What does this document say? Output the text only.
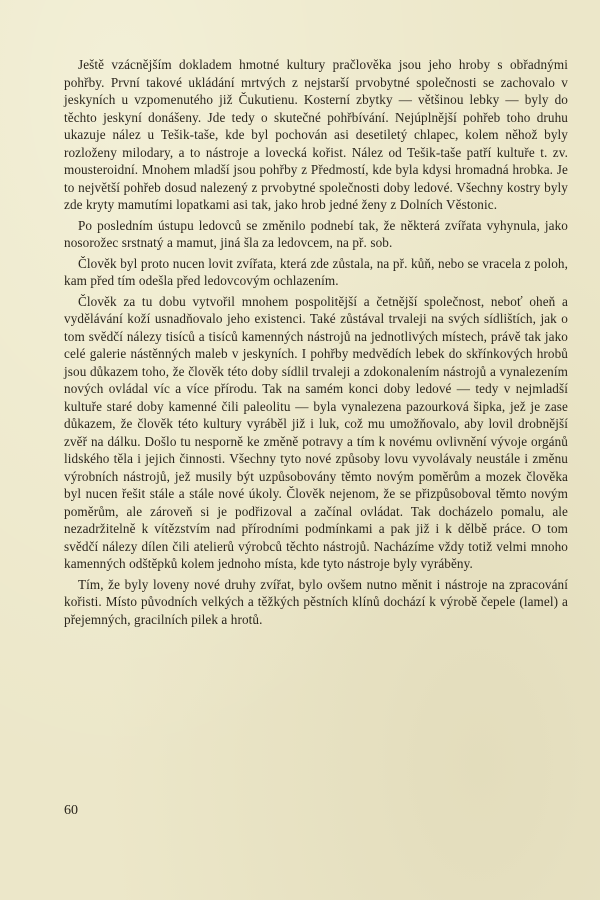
Ještě vzácnějším dokladem hmotné kultury pračlověka jsou jeho hroby s obřadnými pohřby. První takové ukládání mrtvých z nejstarší prvobytné společnosti se zachovalo v jeskyních u vzpomenutého již Čukutienu. Kosterní zbytky — většinou lebky — byly do těchto jeskyní donášeny. Jde tedy o skutečné pohřbívání. Nejúplnější pohřeb toho druhu ukazuje nález u Tešik-taše, kde byl pochován asi desetiletý chlapec, kolem něhož byly rozloženy milodary, a to nástroje a lovecká kořist. Nález od Tešik-taše patří kultuře t. zv. mousteroidní. Mnohem mladší jsou pohřby z Předmostí, kde byla kdysi hromadná hrobka. Je to největší pohřeb dosud nalezený z prvobytné společnosti doby ledové. Všechny kostry byly zde kryty mamutími lopatkami asi tak, jako hrob jedné ženy z Dolních Věstonic.

Po posledním ústupu ledovců se změnilo podnebí tak, že některá zvířata vyhynula, jako nosorožec srstnatý a mamut, jiná šla za ledovcem, na př. sob.

Člověk byl proto nucen lovit zvířata, která zde zůstala, na př. kůň, nebo se vracela z poloh, kam před tím odešla před ledovcovým ochlazením.

Člověk za tu dobu vytvořil mnohem pospolitější a četnější společnost, neboť oheň a vydělávání koží usnadňovalo jeho existenci. Také zůstával trvaleji na svých sídlištích, jak o tom svědčí nálezy tisíců a tisíců kamenných nástrojů na jednotlivých místech, právě tak jako celé galerie nástěnných maleb v jeskyních. I pohřby medvědích lebek do skřínkových hrobů jsou důkazem toho, že člověk této doby sídlil trvaleji a zdokonalením nástrojů a vynalezením nových ovládal víc a více přírodu. Tak na samém konci doby ledové — tedy v nejmladší kultuře staré doby kamenné čili paleolitu — byla vynalezena pazourková šipka, jež je zase důkazem, že člověk této kultury vyráběl již i luk, což mu umožňovalo, aby lovil drobnější zvěř na dálku. Došlo tu nesporně ke změně potravy a tím k novému ovlivnění vývoje orgánů lidského těla i jejich činnosti. Všechny tyto nové způsoby lovu vyvolávaly neustále i změnu výrobních nástrojů, jež musily být uzpůsobovány těmto novým poměrům a mozek člověka byl nucen řešit stále a stále nové úkoly. Člověk nejenom, že se přizpůsoboval těmto novým poměrům, ale zároveň si je podřizoval a začínal ovládat. Tak docházelo pomalu, ale nezadržitelně k vítězstvím nad přírodními podmínkami a pak již i k dělbě práce. O tom svědčí nálezy dílen čili atelierů výrobců těchto nástrojů. Nacházíme vždy totiž velmi mnoho kamenných odštěpků kolem jednoho místa, kde tyto nástroje byly vyráběny.

Tím, že byly loveny nové druhy zvířat, bylo ovšem nutno měnit i nástroje na zpracování kořisti. Místo původních velkých a těžkých pěstních klínů dochází k výrobě čepele (lamel) a přejemných, gracilních pilek a hrotů.

60
